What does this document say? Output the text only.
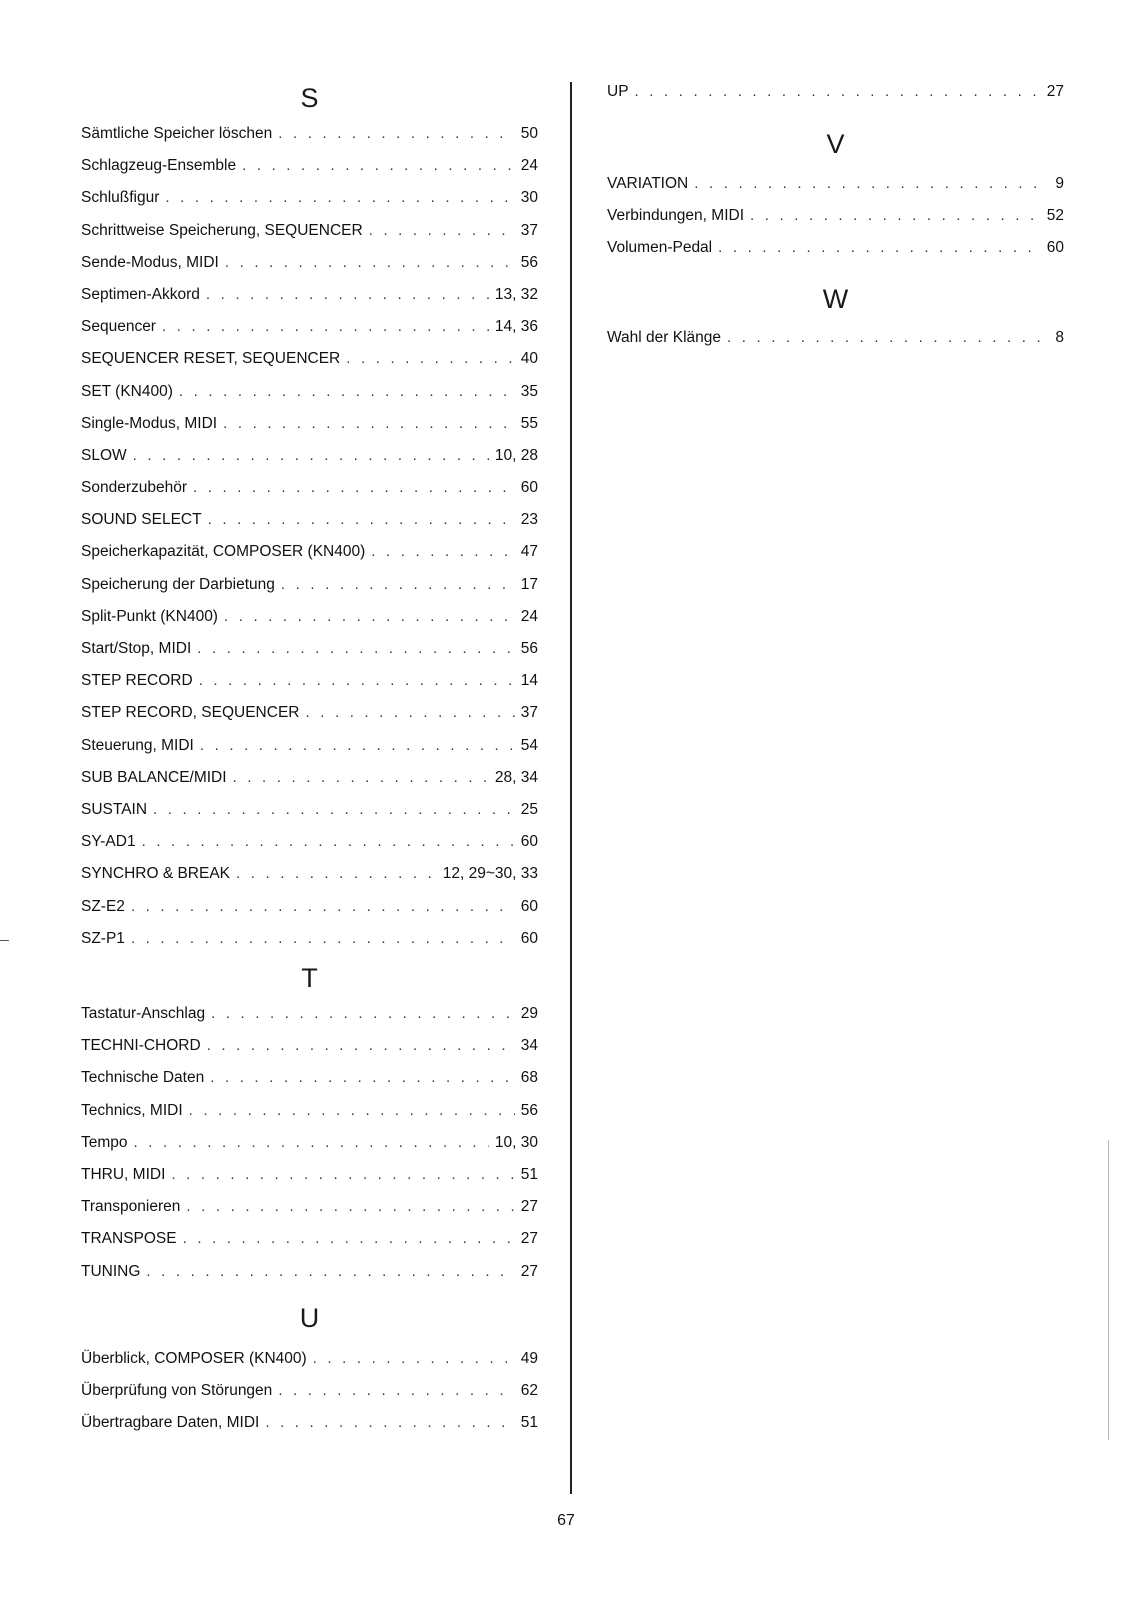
S
Sämtliche Speicher löschen . . .	50
Schlagzeug-Ensemble . . .	24
Schlußfigur . . .	30
Schrittweise Speicherung, SEQUENCER . . .	37
Sende-Modus, MIDI . . .	56
Septimen-Akkord . . .	13, 32
Sequencer . . .	14, 36
SEQUENCER RESET, SEQUENCER . . .	40
SET (KN400) . . .	35
Single-Modus, MIDI . . .	55
SLOW . . .	10, 28
Sonderzubehör . . .	60
SOUND SELECT . . .	23
Speicherkapazität, COMPOSER (KN400) . . .	47
Speicherung der Darbietung . . .	17
Split-Punkt (KN400) . . .	24
Start/Stop, MIDI . . .	56
STEP RECORD . . .	14
STEP RECORD, SEQUENCER . . .	37
Steuerung, MIDI . . .	54
SUB BALANCE/MIDI . . .	28, 34
SUSTAIN . . .	25
SY-AD1 . . .	60
SYNCHRO & BREAK . . .	12, 29~30, 33
SZ-E2 . . .	60
SZ-P1 . . .	60
T
Tastatur-Anschlag . . .	29
TECHNI-CHORD . . .	34
Technische Daten . . .	68
Technics, MIDI . . .	56
Tempo . . .	10, 30
THRU, MIDI . . .	51
Transponieren . . .	27
TRANSPOSE . . .	27
TUNING . . .	27
U
Überblick, COMPOSER (KN400) . . .	49
Überprüfung von Störungen . . .	62
Übertragbare Daten, MIDI . . .	51
UP . . .	27
V
VARIATION . . .	9
Verbindungen, MIDI . . .	52
Volumen-Pedal . . .	60
W
Wahl der Klänge . . .	8
67
